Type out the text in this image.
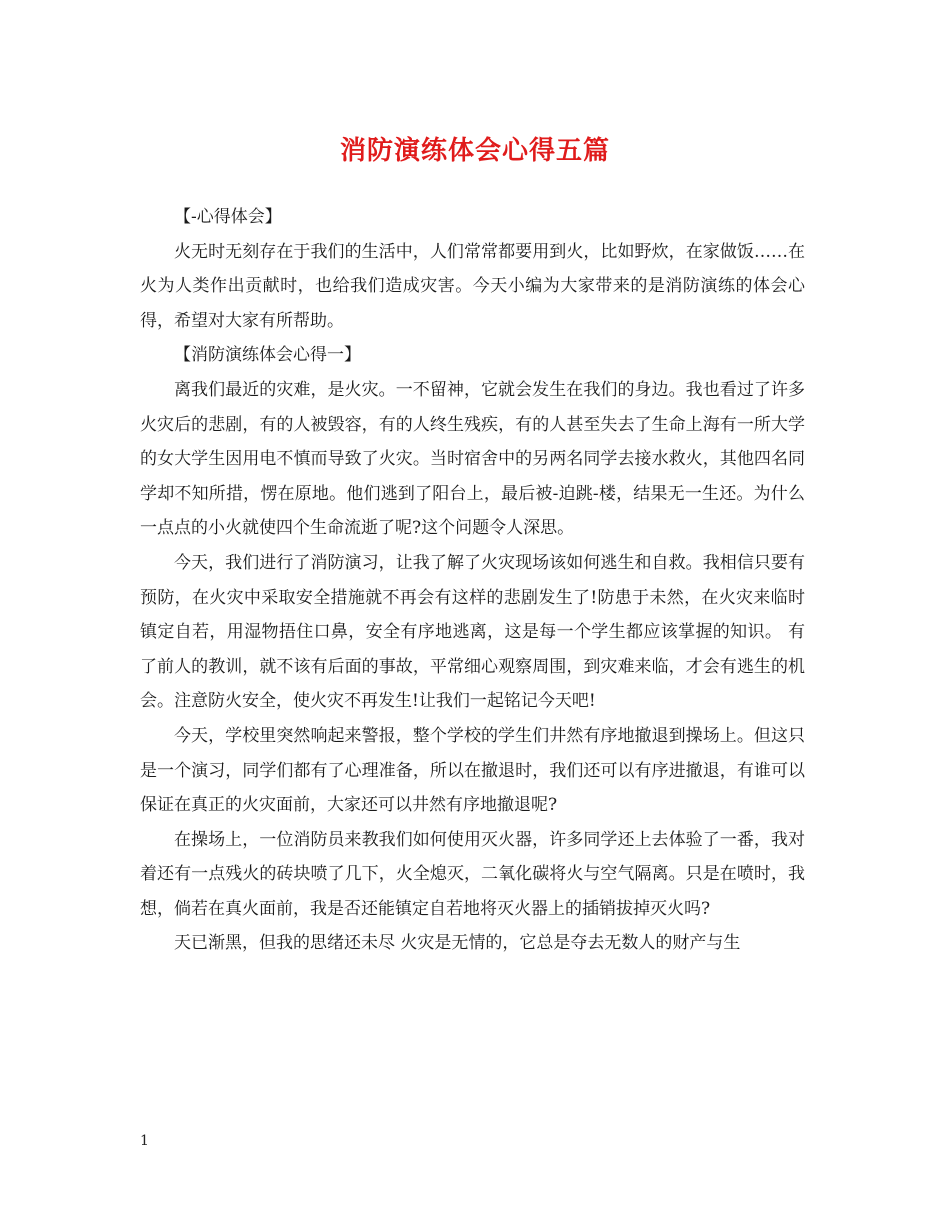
消防演练体会心得五篇

【-心得体会】

火无时无刻存在于我们的生活中，人们常常都要用到火，比如野炊，在家做饭……在火为人类作出贡献时，也给我们造成灾害。今天小编为大家带来的是消防演练的体会心得，希望对大家有所帮助。

【消防演练体会心得一】

离我们最近的灾难，是火灾。一不留神，它就会发生在我们的身边。我也看过了许多火灾后的悲剧，有的人被毁容，有的人终生残疾，有的人甚至失去了生命上海有一所大学的女大学生因用电不慎而导致了火灾。当时宿舍中的另两名同学去接水救火，其他四名同学却不知所措，愣在原地。他们逃到了阳台上，最后被-迫跳-楼，结果无一生还。为什么一点点的小火就使四个生命流逝了呢?这个问题令人深思。

今天，我们进行了消防演习，让我了解了火灾现场该如何逃生和自救。我相信只要有预防，在火灾中采取安全措施就不再会有这样的悲剧发生了!防患于未然，在火灾来临时镇定自若，用湿物捂住口鼻，安全有序地逃离，这是每一个学生都应该掌握的知识。 有了前人的教训，就不该有后面的事故，平常细心观察周围，到灾难来临，才会有逃生的机会。注意防火安全，使火灾不再发生!让我们一起铭记今天吧!

今天，学校里突然响起来警报，整个学校的学生们井然有序地撤退到操场上。但这只是一个演习，同学们都有了心理准备，所以在撤退时，我们还可以有序进撤退，有谁可以保证在真正的火灾面前，大家还可以井然有序地撤退呢?

在操场上，一位消防员来教我们如何使用灭火器，许多同学还上去体验了一番，我对着还有一点残火的砖块喷了几下，火全熄灭，二氧化碳将火与空气隔离。只是在喷时，我想，倘若在真火面前，我是否还能镇定自若地将灭火器上的插销拔掉灭火吗?

天已渐黑，但我的思绪还未尽 火灾是无情的，它总是夺去无数人的财产与生

1
